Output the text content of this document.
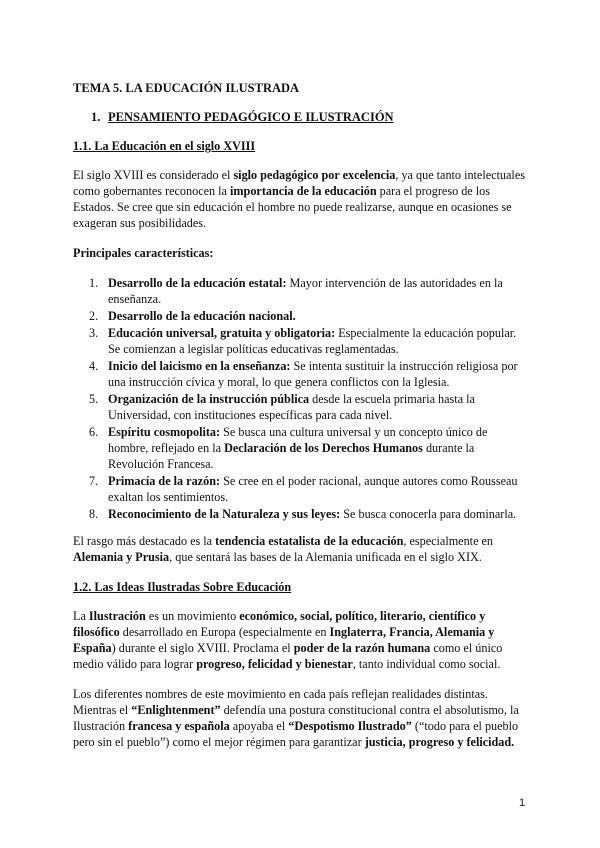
TEMA 5. LA EDUCACIÓN ILUSTRADA
1. PENSAMIENTO PEDAGÓGICO E ILUSTRACIÓN
1.1. La Educación en el siglo XVIII

El siglo XVIII es considerado el siglo pedagógico por excelencia, ya que tanto intelectuales como gobernantes reconocen la importancia de la educación para el progreso de los Estados. Se cree que sin educación el hombre no puede realizarse, aunque en ocasiones se exageran sus posibilidades.

Principales características:
1. Desarrollo de la educación estatal: Mayor intervención de las autoridades en la enseñanza.
2. Desarrollo de la educación nacional.
3. Educación universal, gratuita y obligatoria: Especialmente la educación popular. Se comienzan a legislar políticas educativas reglamentadas.
4. Inicio del laicismo en la enseñanza: Se intenta sustituir la instrucción religiosa por una instrucción cívica y moral, lo que genera conflictos con la Iglesia.
5. Organización de la instrucción pública desde la escuela primaria hasta la Universidad, con instituciones específicas para cada nivel.
6. Espíritu cosmopolita: Se busca una cultura universal y un concepto único de hombre, reflejado en la Declaración de los Derechos Humanos durante la Revolución Francesa.
7. Primacía de la razón: Se cree en el poder racional, aunque autores como Rousseau exaltan los sentimientos.
8. Reconocimiento de la Naturaleza y sus leyes: Se busca conocerla para dominarla.

El rasgo más destacado es la tendencia estatalista de la educación, especialmente en Alemania y Prusia, que sentará las bases de la Alemania unificada en el siglo XIX.

1.2. Las Ideas Ilustradas Sobre Educación

La Ilustración es un movimiento económico, social, político, literario, científico y filosófico desarrollado en Europa (especialmente en Inglaterra, Francia, Alemania y España) durante el siglo XVIII. Proclama el poder de la razón humana como el único medio válido para lograr progreso, felicidad y bienestar, tanto individual como social.

Los diferentes nombres de este movimiento en cada país reflejan realidades distintas. Mientras el “Enlightenment” defendía una postura constitucional contra el absolutismo, la Ilustración francesa y española apoyaba el “Despotismo Ilustrado” (“todo para el pueblo pero sin el pueblo”) como el mejor régimen para garantizar justicia, progreso y felicidad.

1
